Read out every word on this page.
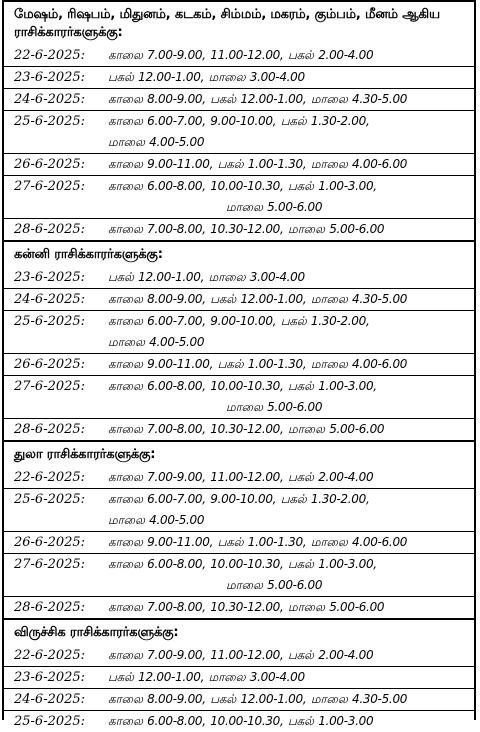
மேஷம், ரிஷபம், மிதுனம், கடகம், சிம்மம், மகரம், கும்பம், மீனம் ஆகிய ராசிக்காரர்களுக்கு:
22-6-2025:	காலை 7.00-9.00, 11.00-12.00, பகல் 2.00-4.00
23-6-2025:	பகல் 12.00-1.00, மாலை 3.00-4.00
24-6-2025:	காலை 8.00-9.00, பகல் 12.00-1.00, மாலை 4.30-5.00
25-6-2025:	காலை 6.00-7.00, 9.00-10.00, பகல் 1.30-2.00,
மாலை 4.00-5.00
26-6-2025:	காலை 9.00-11.00, பகல் 1.00-1.30, மாலை 4.00-6.00
27-6-2025:	காலை 6.00-8.00, 10.00-10.30, பகல் 1.00-3.00,
மாலை 5.00-6.00
28-6-2025:	காலை 7.00-8.00, 10.30-12.00, மாலை 5.00-6.00
கன்னி ராசிக்காரர்களுக்கு:
23-6-2025:	பகல் 12.00-1.00, மாலை 3.00-4.00
24-6-2025:	காலை 8.00-9.00, பகல் 12.00-1.00, மாலை 4.30-5.00
25-6-2025:	காலை 6.00-7.00, 9.00-10.00, பகல் 1.30-2.00,
மாலை 4.00-5.00
26-6-2025:	காலை 9.00-11.00, பகல் 1.00-1.30, மாலை 4.00-6.00
27-6-2025:	காலை 6.00-8.00, 10.00-10.30, பகல் 1.00-3.00,
மாலை 5.00-6.00
28-6-2025:	காலை 7.00-8.00, 10.30-12.00, மாலை 5.00-6.00
துலா ராசிக்காரர்களுக்கு:
22-6-2025:	காலை 7.00-9.00, 11.00-12.00, பகல் 2.00-4.00
25-6-2025:	காலை 6.00-7.00, 9.00-10.00, பகல் 1.30-2.00,
மாலை 4.00-5.00
26-6-2025:	காலை 9.00-11.00, பகல் 1.00-1.30, மாலை 4.00-6.00
27-6-2025:	காலை 6.00-8.00, 10.00-10.30, பகல் 1.00-3.00,
மாலை 5.00-6.00
28-6-2025:	காலை 7.00-8.00, 10.30-12.00, மாலை 5.00-6.00
விருச்சிக ராசிக்காரர்களுக்கு:
22-6-2025:	காலை 7.00-9.00, 11.00-12.00, பகல் 2.00-4.00
23-6-2025:	பகல் 12.00-1.00, மாலை 3.00-4.00
24-6-2025:	காலை 8.00-9.00, பகல் 12.00-1.00, மாலை 4.30-5.00
25-6-2025:	காலை 6.00-8.00, 10.00-10.30, பகல் 1.00-3.00
